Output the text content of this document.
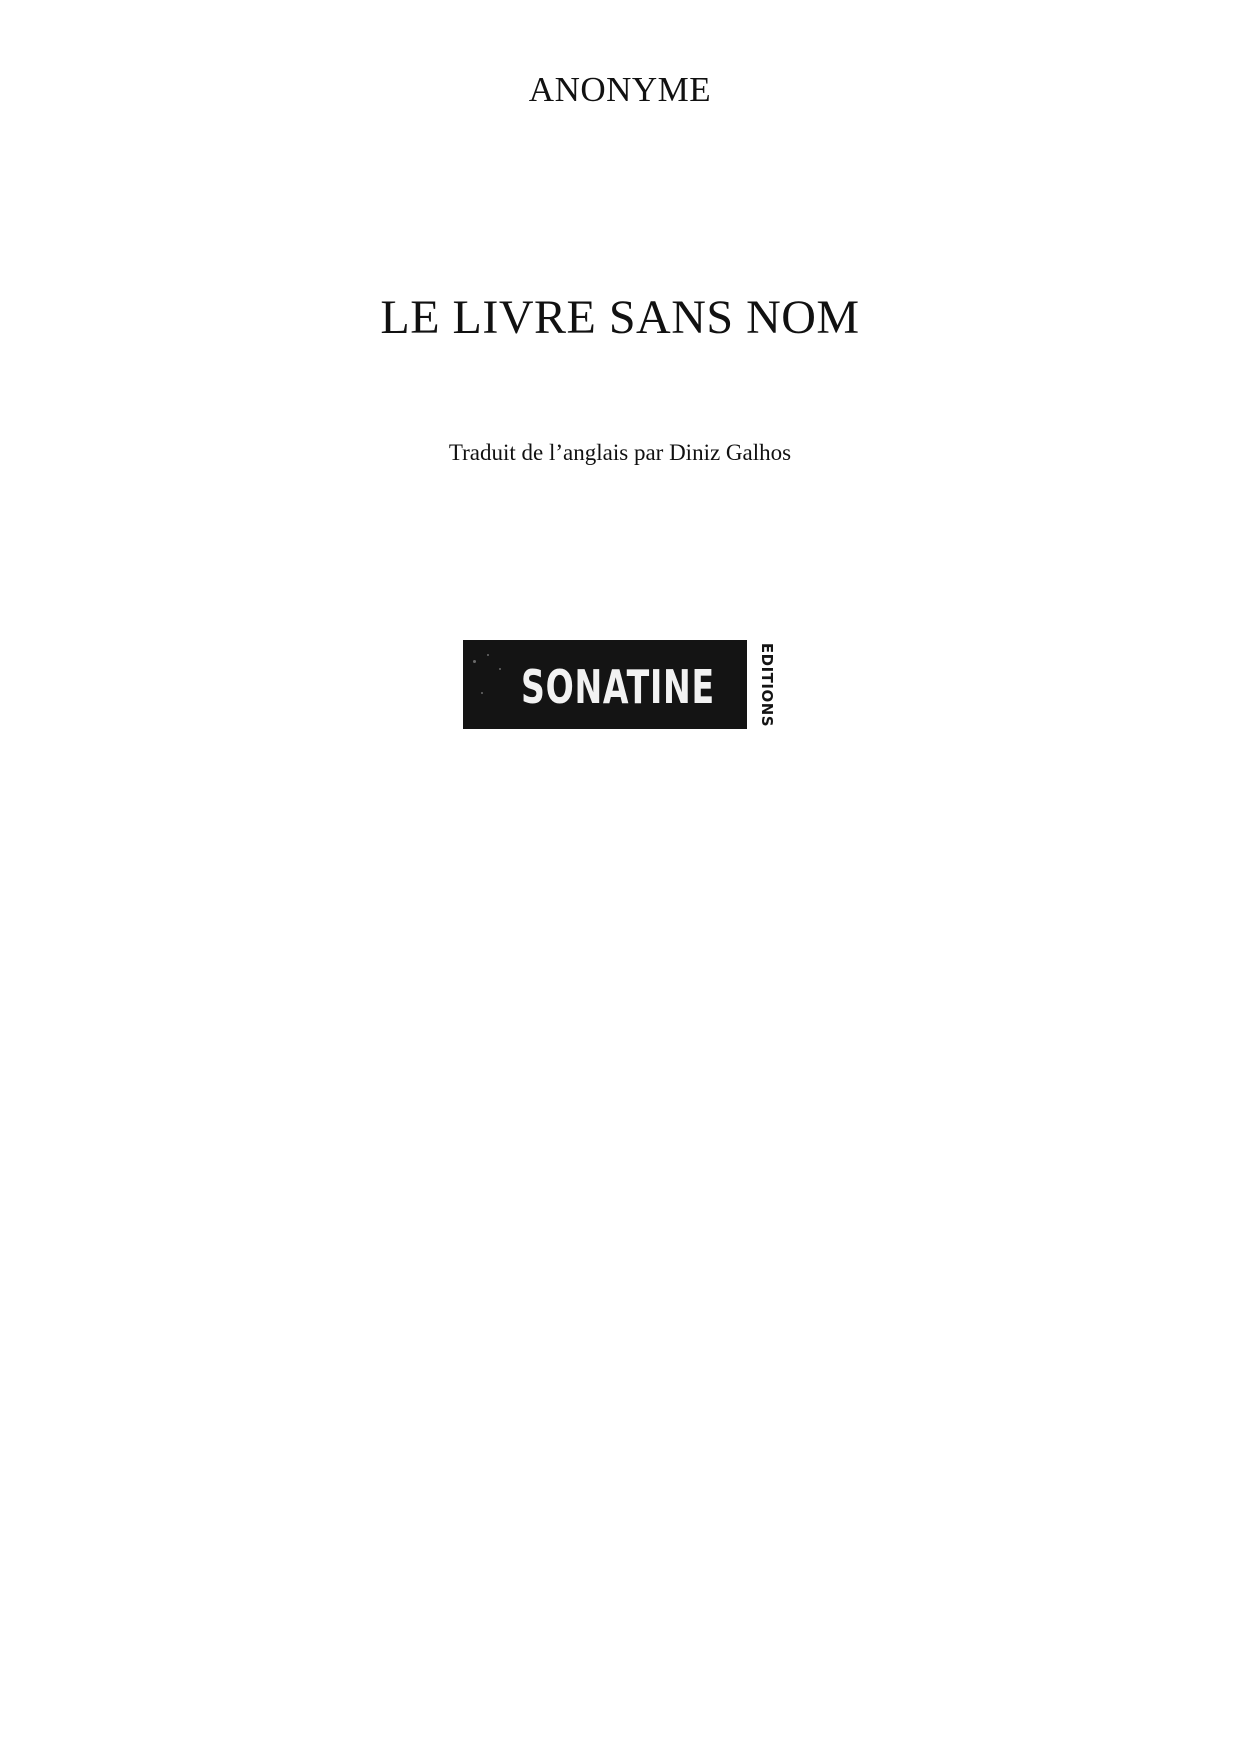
ANONYME
LE LIVRE SANS NOM
Traduit de l’anglais par Diniz Galhos
SONATINE	EDITIONS
